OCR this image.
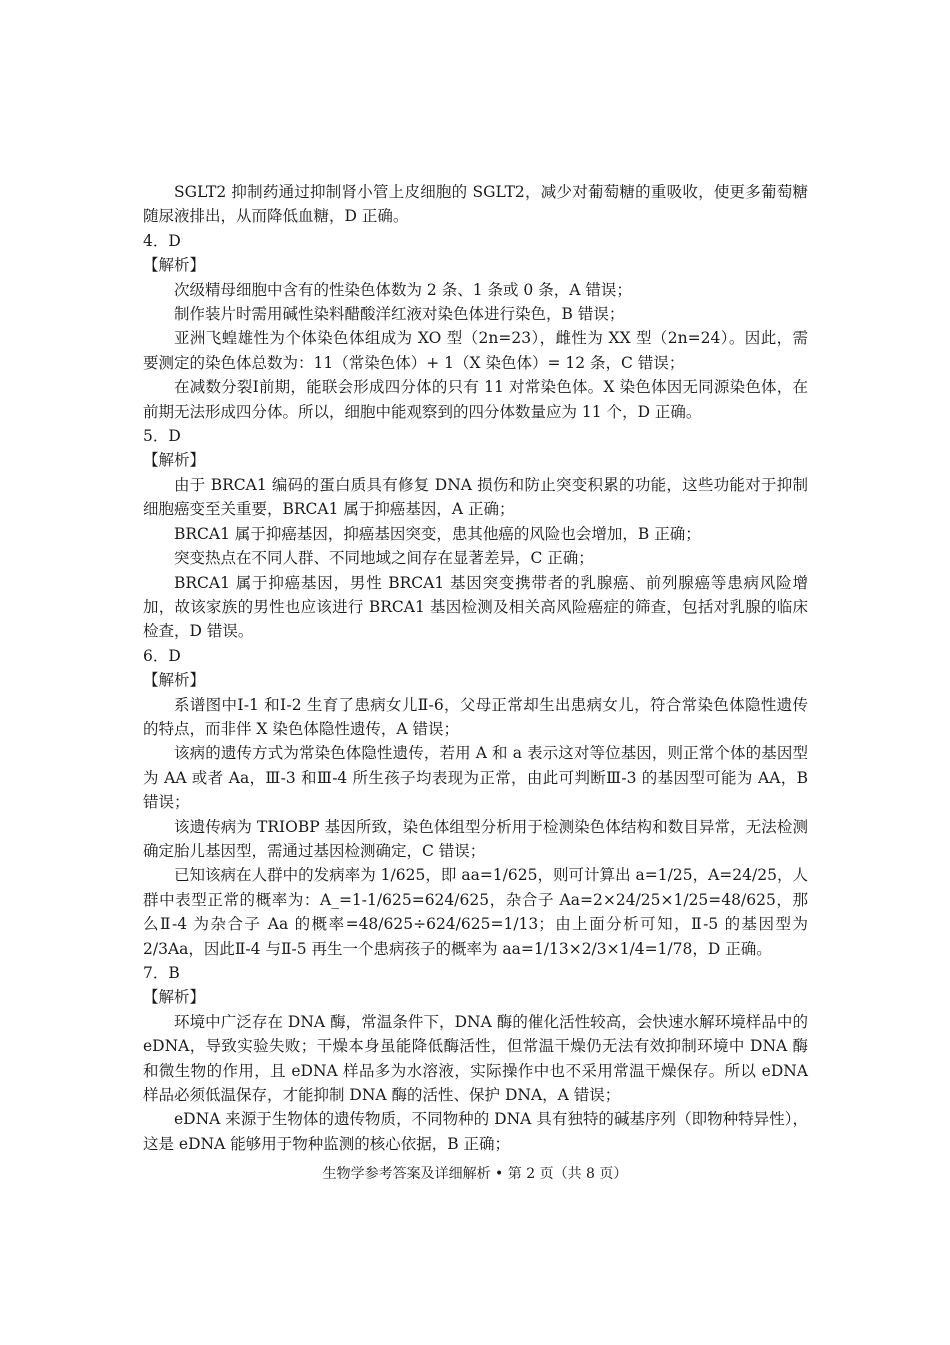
SGLT2 抑制药通过抑制肾小管上皮细胞的 SGLT2，减少对葡萄糖的重吸收，使更多葡萄糖随尿液排出，从而降低血糖，D 正确。

4．D

【解析】

次级精母细胞中含有的性染色体数为 2 条、1 条或 0 条，A 错误；

制作装片时需用碱性染料醋酸洋红液对染色体进行染色，B 错误；

亚洲飞蝗雄性为个体染色体组成为 XO 型（2n=23），雌性为 XX 型（2n=24）。因此，需要测定的染色体总数为：11（常染色体）+ 1（X 染色体）= 12 条，C 错误；

在减数分裂Ⅰ前期，能联会形成四分体的只有 11 对常染色体。X 染色体因无同源染色体，在前期无法形成四分体。所以，细胞中能观察到的四分体数量应为 11 个，D 正确。

5．D

【解析】

由于 BRCA1 编码的蛋白质具有修复 DNA 损伤和防止突变积累的功能，这些功能对于抑制细胞癌变至关重要，BRCA1 属于抑癌基因，A 正确；

BRCA1 属于抑癌基因，抑癌基因突变，患其他癌的风险也会增加，B 正确；

突变热点在不同人群、不同地域之间存在显著差异，C 正确；

BRCA1 属于抑癌基因，男性 BRCA1 基因突变携带者的乳腺癌、前列腺癌等患病风险增加，故该家族的男性也应该进行 BRCA1 基因检测及相关高风险癌症的筛查，包括对乳腺的临床检查，D 错误。

6．D

【解析】

系谱图中Ⅰ-1 和Ⅰ-2 生育了患病女儿Ⅱ-6，父母正常却生出患病女儿，符合常染色体隐性遗传的特点，而非伴 X 染色体隐性遗传，A 错误；

该病的遗传方式为常染色体隐性遗传，若用 A 和 a 表示这对等位基因，则正常个体的基因型为 AA 或者 Aa，Ⅲ-3 和Ⅲ-4 所生孩子均表现为正常，由此可判断Ⅲ-3 的基因型可能为 AA，B 错误；

该遗传病为 TRIOBP 基因所致，染色体组型分析用于检测染色体结构和数目异常，无法检测确定胎儿基因型，需通过基因检测确定，C 错误；

已知该病在人群中的发病率为 1/625，即 aa=1/625，则可计算出 a=1/25，A=24/25，人群中表型正常的概率为：A_=1-1/625=624/625，杂合子 Aa=2×24/25×1/25=48/625，那么Ⅱ-4 为杂合子 Aa 的概率=48/625÷624/625=1/13；由上面分析可知，Ⅱ-5 的基因型为 2/3Aa，因此Ⅱ-4 与Ⅱ-5 再生一个患病孩子的概率为 aa=1/13×2/3×1/4=1/78，D 正确。

7．B

【解析】

环境中广泛存在 DNA 酶，常温条件下，DNA 酶的催化活性较高，会快速水解环境样品中的 eDNA，导致实验失败；干燥本身虽能降低酶活性，但常温干燥仍无法有效抑制环境中 DNA 酶和微生物的作用，且 eDNA 样品多为水溶液，实际操作中也不采用常温干燥保存。所以 eDNA 样品必须低温保存，才能抑制 DNA 酶的活性、保护 DNA，A 错误；

eDNA 来源于生物体的遗传物质，不同物种的 DNA 具有独特的碱基序列（即物种特异性），这是 eDNA 能够用于物种监测的核心依据，B 正确；

生物学参考答案及详细解析 • 第 2 页（共 8 页）
